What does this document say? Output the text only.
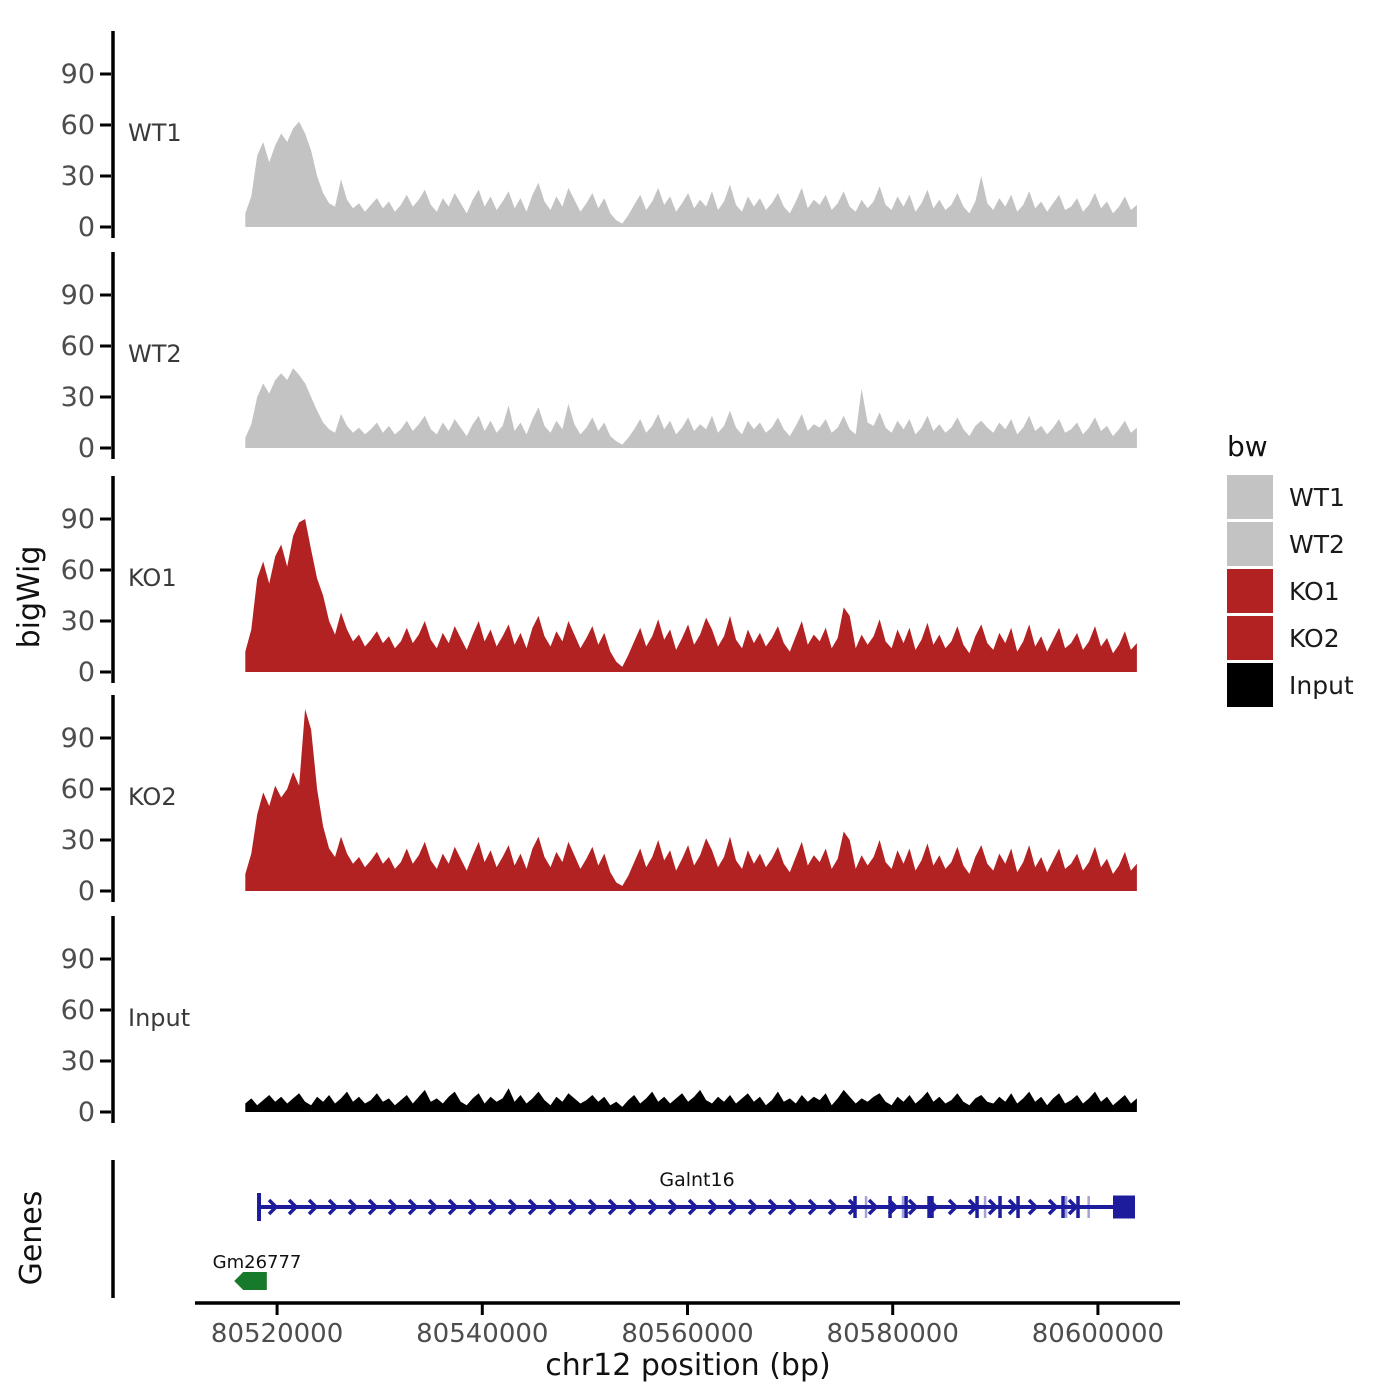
bigWig
Genes
chr12 position (bp)
0
30
60
90
WT1
0
30
60
90
WT2
0
30
60
90
KO1
0
30
60
90
KO2
0
30
60
90
Input
80520000	80540000	80560000	80580000	80600000
Galnt16
Gm26777
bw
WT1
WT2
KO1
KO2
Input
